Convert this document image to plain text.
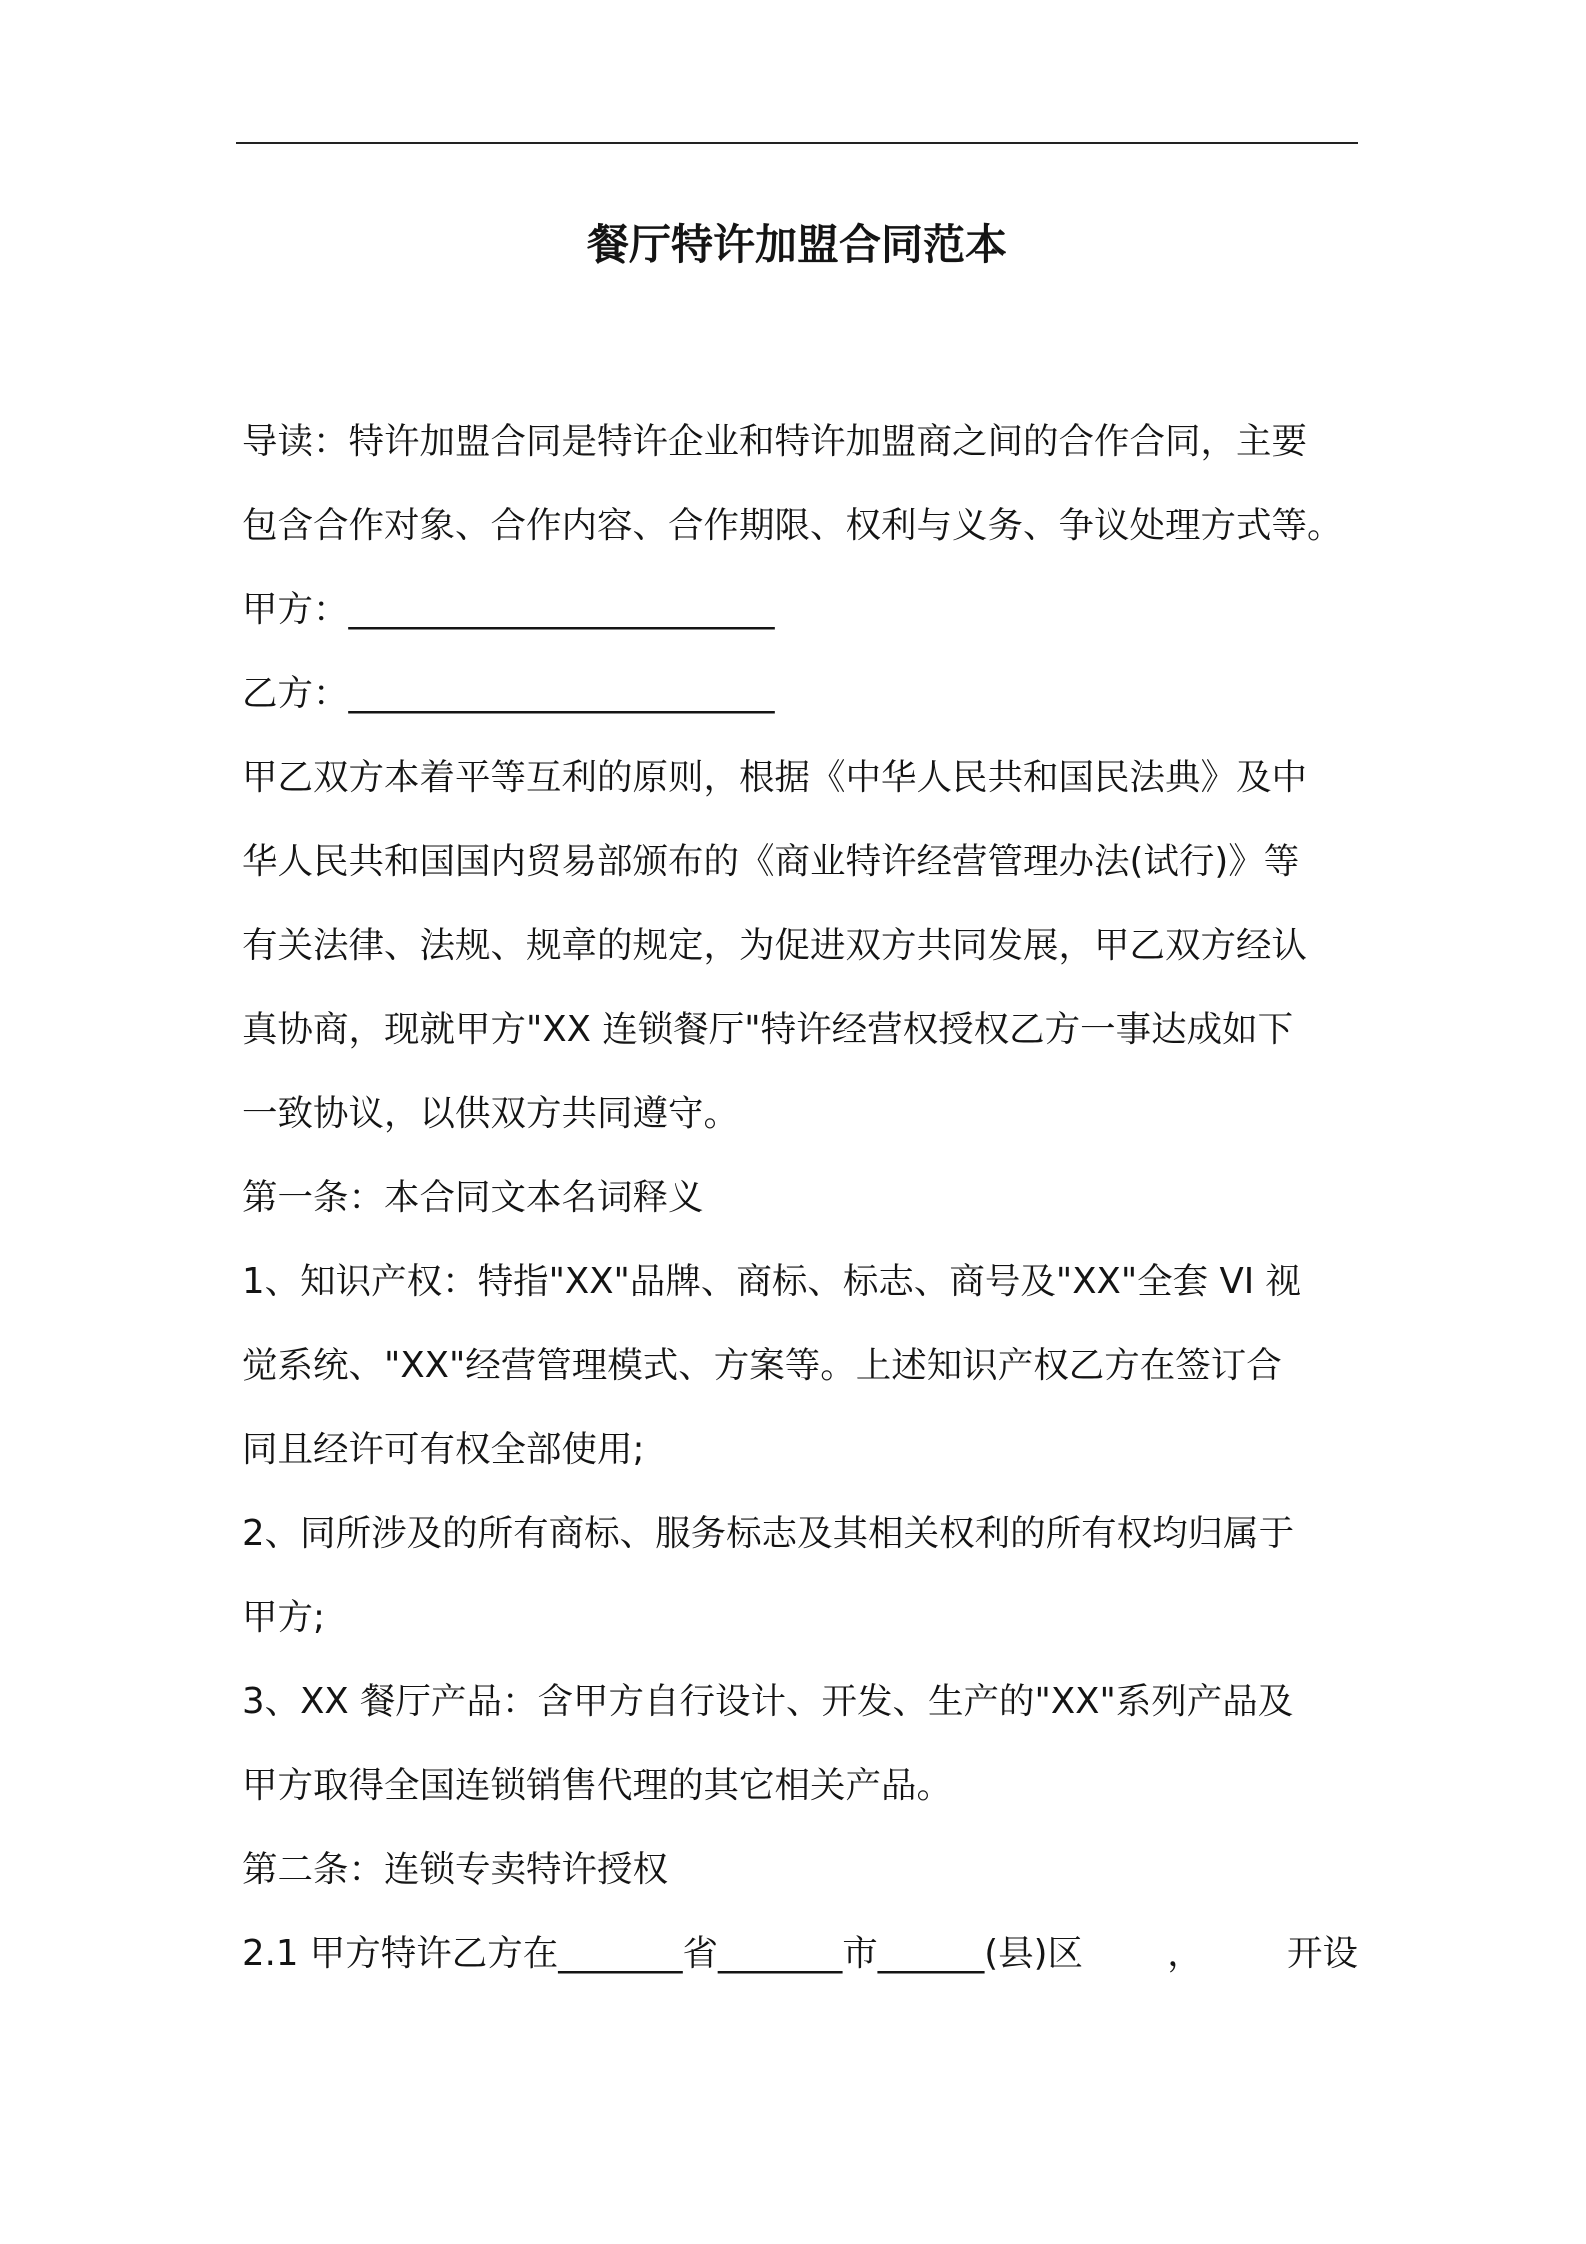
餐厅特许加盟合同范本
导读：特许加盟合同是特许企业和特许加盟商之间的合作合同，主要
包含合作对象、合作内容、合作期限、权利与义务、争议处理方式等。
甲方：________________________
乙方：________________________
甲乙双方本着平等互利的原则，根据《中华人民共和国民法典》及中
华人民共和国国内贸易部颁布的《商业特许经营管理办法(试行)》等
有关法律、法规、规章的规定，为促进双方共同发展，甲乙双方经认
真协商，现就甲方"XX 连锁餐厅"特许经营权授权乙方一事达成如下
一致协议，以供双方共同遵守。
第一条：本合同文本名词释义
1、知识产权：特指"XX"品牌、商标、标志、商号及"XX"全套 VI 视
觉系统、"XX"经营管理模式、方案等。上述知识产权乙方在签订合
同且经许可有权全部使用;
2、同所涉及的所有商标、服务标志及其相关权利的所有权均归属于
甲方;
3、XX 餐厅产品：含甲方自行设计、开发、生产的"XX"系列产品及
甲方取得全国连锁销售代理的其它相关产品。
第二条：连锁专卖特许授权
2.1 甲方特许乙方在_______省_______市______(县)区 ， 开设
